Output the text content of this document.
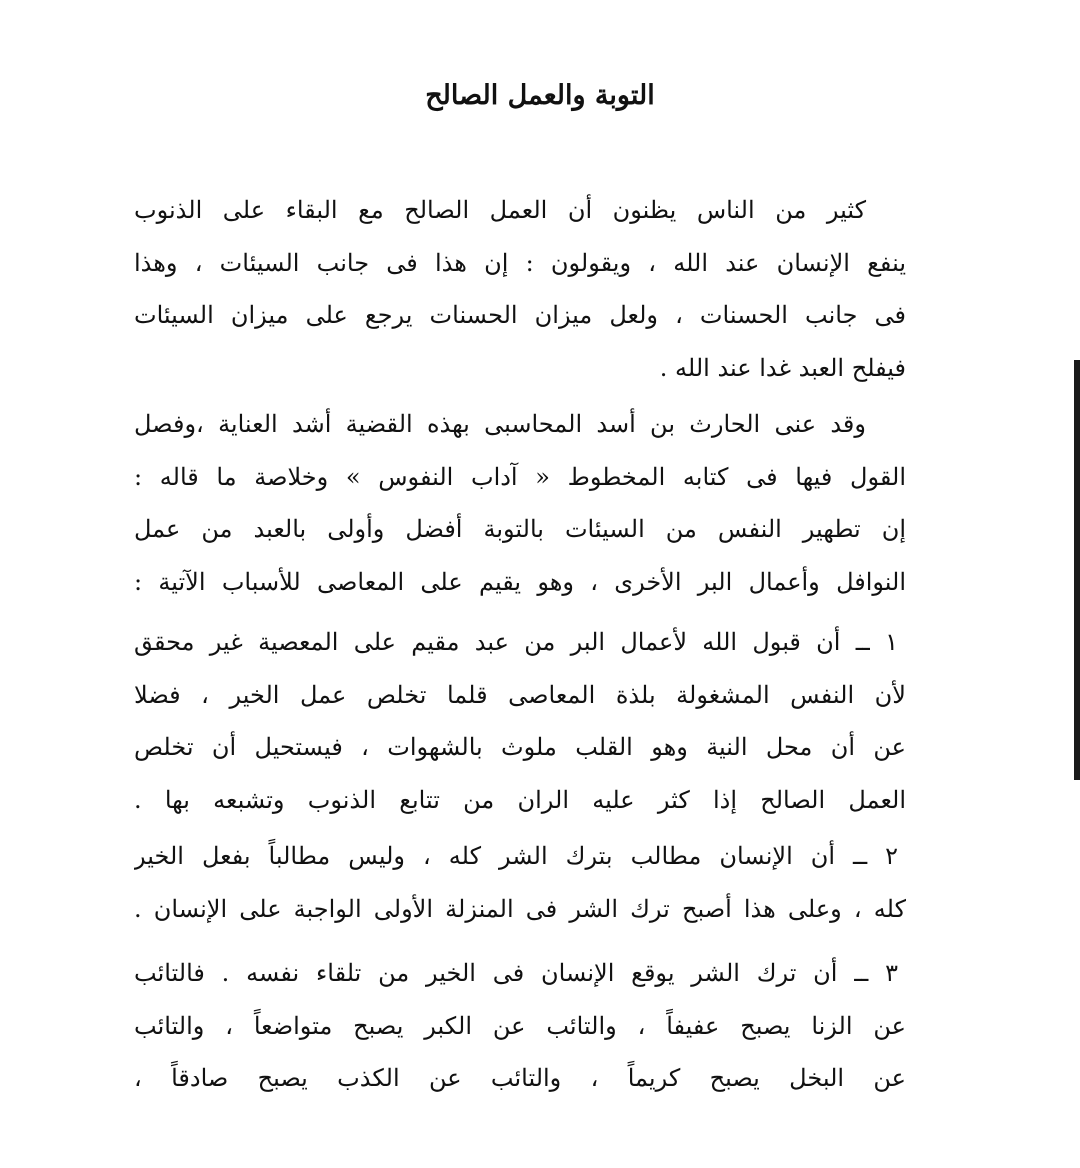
التوبة والعمل الصالح
كثير من الناس يظنون أن العمل الصالح مع البقاء على الذنوب
ينفع الإنسان عند الله ، ويقولون : إن هذا فى جانب السيئات ، وهذا
فى جانب الحسنات ، ولعل ميزان الحسنات يرجع على ميزان السيئات
فيفلح العبد غدا عند الله .
وقد عنى الحارث بن أسد المحاسبى بهذه القضية أشد العناية ،وفصل
القول فيها فى كتابه المخطوط « آداب النفوس » وخلاصة ما قاله :
إن تطهير النفس من السيئات بالتوبة أفضل وأولى بالعبد من عمل
النوافل وأعمال البر الأخرى ، وهو يقيم على المعاصى للأسباب الآتية :
١ ــ أن قبول الله لأعمال البر من عبد مقيم على المعصية غير محقق
لأن النفس المشغولة بلذة المعاصى قلما تخلص عمل الخير ، فضلا
عن أن محل النية وهو القلب ملوث بالشهوات ، فيستحيل أن تخلص
العمل الصالح إذا كثر عليه الران من تتابع الذنوب وتشبعه بها .
٢ ــ أن الإنسان مطالب بترك الشر كله ، وليس مطالباً بفعل الخير
كله ، وعلى هذا أصبح ترك الشر فى المنزلة الأولى الواجبة على الإنسان .
٣ ــ أن ترك الشر يوقع الإنسان فى الخير من تلقاء نفسه . فالتائب
عن الزنا يصبح عفيفاً ، والتائب عن الكبر يصبح متواضعاً ، والتائب
عن البخل يصبح كريماً ، والتائب عن الكذب يصبح صادقاً ،
